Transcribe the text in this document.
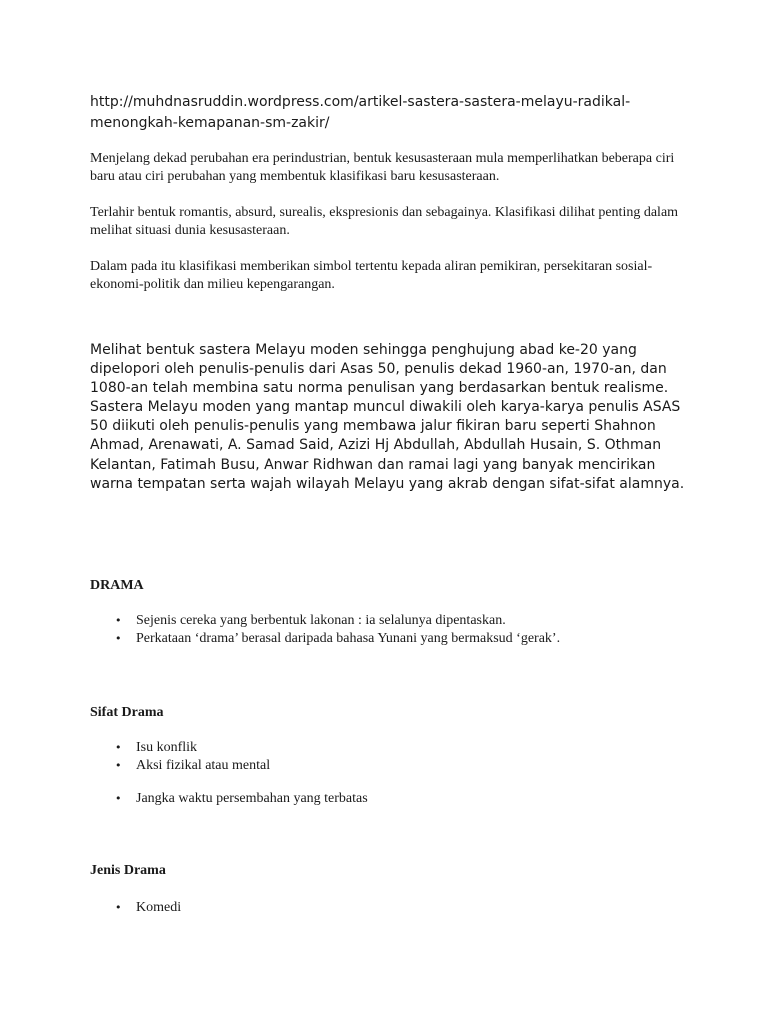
http://muhdnasruddin.wordpress.com/artikel-sastera-sastera-melayu-radikal-menongkah-kemapanan-sm-zakir/

Menjelang dekad perubahan era perindustrian, bentuk kesusasteraan mula memperlihatkan beberapa ciri baru atau ciri perubahan yang membentuk klasifikasi baru kesusasteraan.

Terlahir bentuk romantis, absurd, surealis, ekspresionis dan sebagainya. Klasifikasi dilihat penting dalam melihat situasi dunia kesusasteraan.

Dalam pada itu klasifikasi memberikan simbol tertentu kepada aliran pemikiran, persekitaran sosial-ekonomi-politik dan milieu kepengarangan.

Melihat bentuk sastera Melayu moden sehingga penghujung abad ke-20 yang dipelopori oleh penulis-penulis dari Asas 50, penulis dekad 1960-an, 1970-an, dan 1080-an telah membina satu norma penulisan yang berdasarkan bentuk realisme. Sastera Melayu moden yang mantap muncul diwakili oleh karya-karya penulis ASAS 50 diikuti oleh penulis-penulis yang membawa jalur fikiran baru seperti Shahnon Ahmad, Arenawati, A. Samad Said, Azizi Hj Abdullah, Abdullah Husain, S. Othman Kelantan, Fatimah Busu, Anwar Ridhwan dan ramai lagi yang banyak mencirikan warna tempatan serta wajah wilayah Melayu yang akrab dengan sifat-sifat alamnya.

DRAMA
• Sejenis cereka yang berbentuk lakonan : ia selalunya dipentaskan.
• Perkataan ‘drama’ berasal daripada bahasa Yunani yang bermaksud ‘gerak’.
Sifat Drama
• Isu konflik
• Aksi fizikal atau mental
• Jangka waktu persembahan yang terbatas
Jenis Drama
• Komedi
